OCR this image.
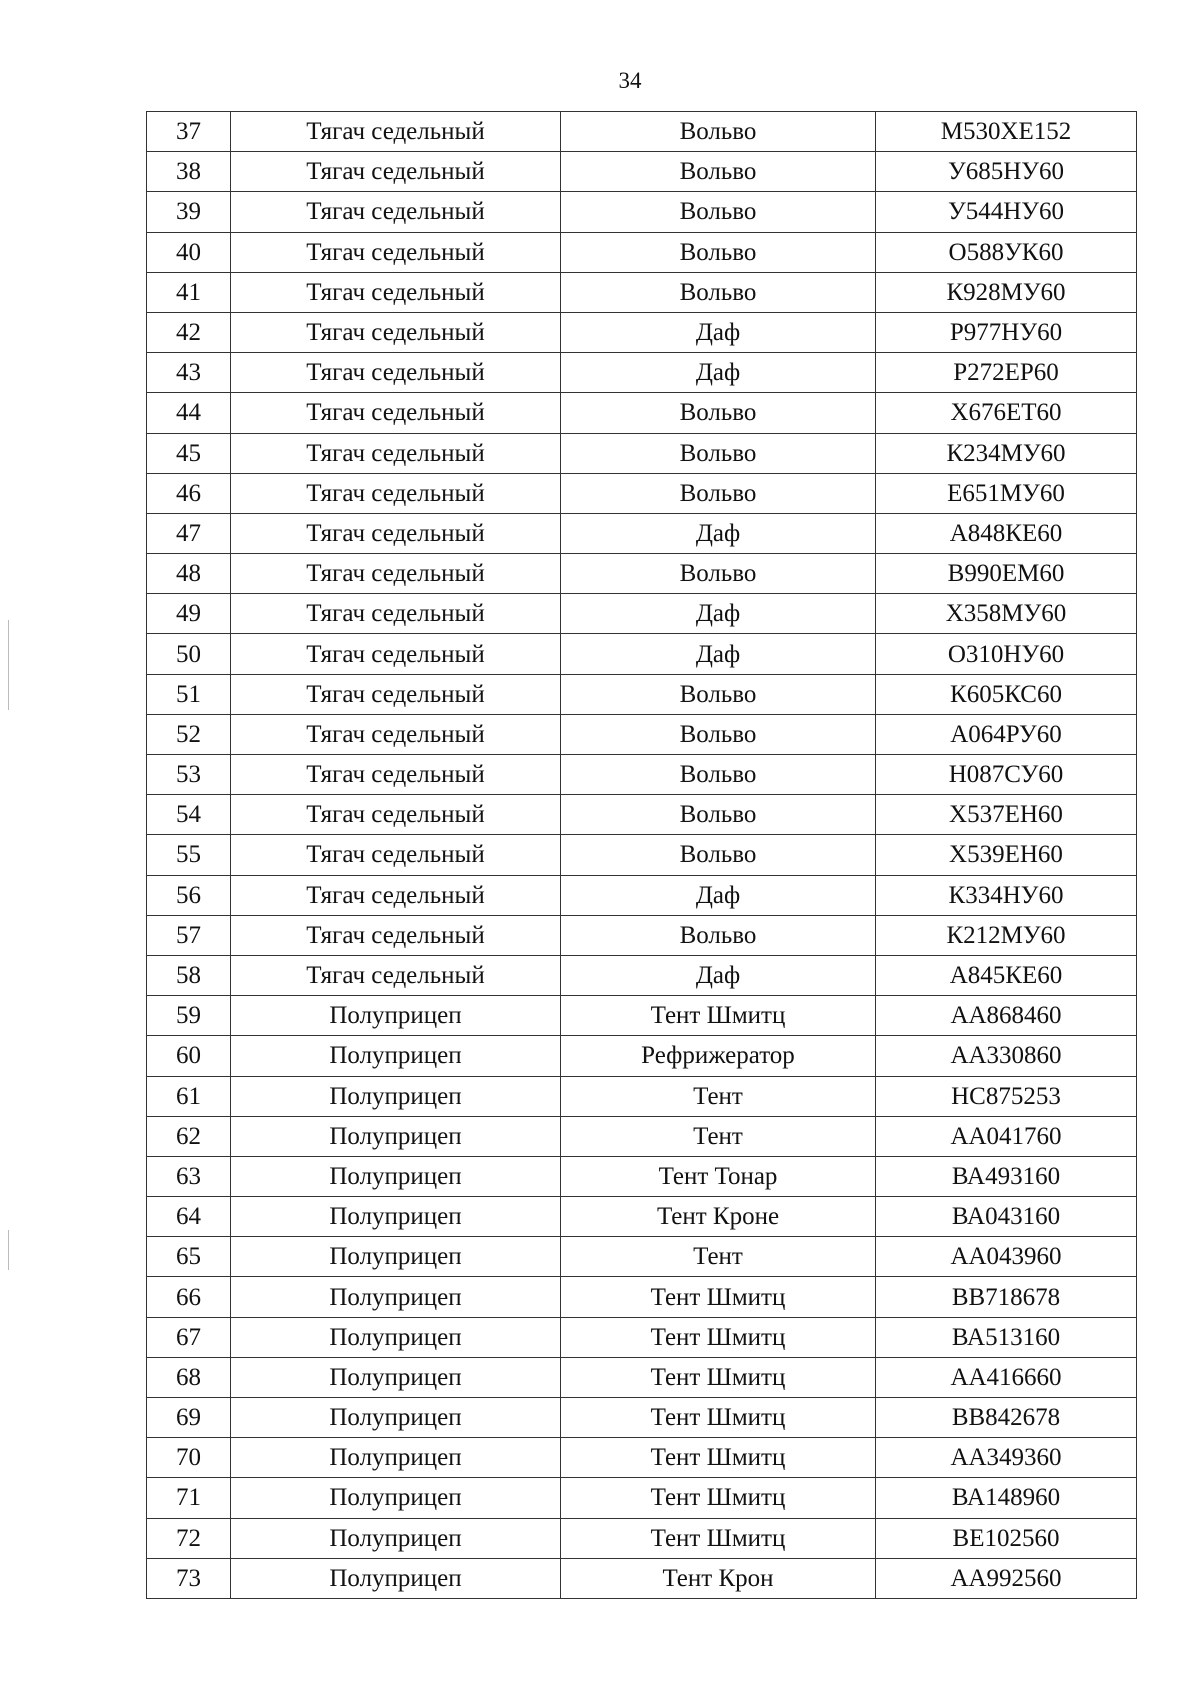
34
37	Тягач седельный	Вольво	М530ХЕ152
38	Тягач седельный	Вольво	У685НУ60
39	Тягач седельный	Вольво	У544НУ60
40	Тягач седельный	Вольво	О588УК60
41	Тягач седельный	Вольво	К928МУ60
42	Тягач седельный	Даф	Р977НУ60
43	Тягач седельный	Даф	Р272ЕР60
44	Тягач седельный	Вольво	Х676ЕТ60
45	Тягач седельный	Вольво	К234МУ60
46	Тягач седельный	Вольво	Е651МУ60
47	Тягач седельный	Даф	А848КЕ60
48	Тягач седельный	Вольво	В990ЕМ60
49	Тягач седельный	Даф	Х358МУ60
50	Тягач седельный	Даф	О310НУ60
51	Тягач седельный	Вольво	К605КС60
52	Тягач седельный	Вольво	А064РУ60
53	Тягач седельный	Вольво	Н087СУ60
54	Тягач седельный	Вольво	Х537ЕН60
55	Тягач седельный	Вольво	Х539ЕН60
56	Тягач седельный	Даф	К334НУ60
57	Тягач седельный	Вольво	К212МУ60
58	Тягач седельный	Даф	А845КЕ60
59	Полуприцеп	Тент Шмитц	АА868460
60	Полуприцеп	Рефрижератор	АА330860
61	Полуприцеп	Тент	НС875253
62	Полуприцеп	Тент	АА041760
63	Полуприцеп	Тент Тонар	ВА493160
64	Полуприцеп	Тент Кроне	ВА043160
65	Полуприцеп	Тент	АА043960
66	Полуприцеп	Тент Шмитц	ВВ718678
67	Полуприцеп	Тент Шмитц	ВА513160
68	Полуприцеп	Тент Шмитц	АА416660
69	Полуприцеп	Тент Шмитц	ВВ842678
70	Полуприцеп	Тент Шмитц	АА349360
71	Полуприцеп	Тент Шмитц	ВА148960
72	Полуприцеп	Тент Шмитц	ВЕ102560
73	Полуприцеп	Тент Крон	АА992560
